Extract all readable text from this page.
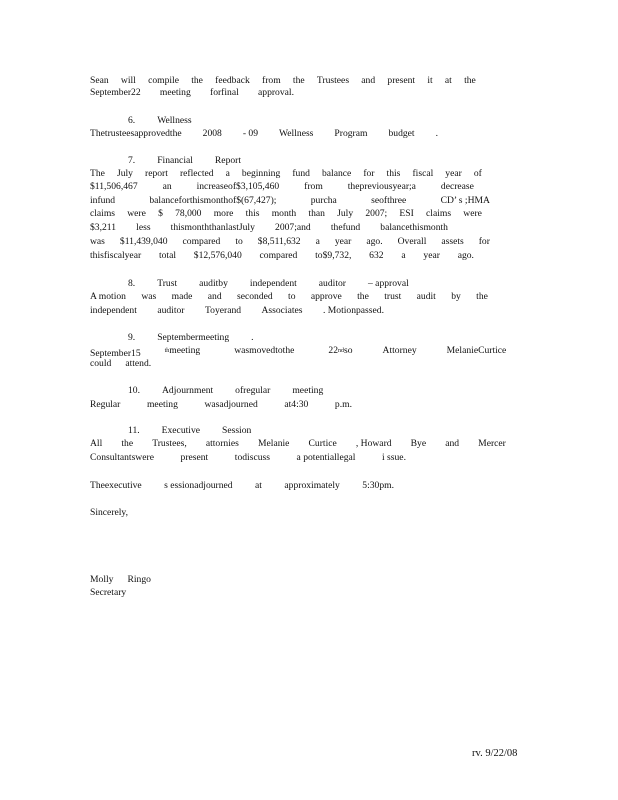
Sean will compile the feedback from the Trustees and present it at the

September22 meeting forfinal approval.

6. Wellness

Thetrusteesapprovedthe 2008 - 09 Wellness Program budget .

7. Financial Report

The July report reflected a beginning fund balance for this fiscal year of

$11,506,467	an	increaseof$3,105,460	from	thepreviousyear;a	decrease

infund	balanceforthismonthof$(67,427);	purcha	seofthree	CD’ s ;HMA

claims were $ 78,000 more this month than July 2007; ESI claims were

$3,211 less thismonththanlastJuly 2007;and thefund balancethismonth

was $11,439,040 compared to $8,511,632 a year ago. Overall assets for

thisfiscalyear total $12,576,040 compared to$9,732, 632 a year ago.

8. Trust auditby independent auditor – approval

A motion was made and seconded to approve the trust audit by the

independent auditor Toyerand Associates . Motionpassed.

9. Septembermeeting .

September15	$^{th}$ meeting	wasmovedtothe	22 nd so	Attorney	MelanieCurtice

could attend.

10. Adjournment ofregular meeting

Regular	meeting	wasadjourned	at4:30	p.m.

11. Executive Session

All the Trustees, attornies Melanie Curtice , Howard Bye and Mercer

Consultantswere	present	todiscuss	a potentiallegal	i ssue.

Theexecutive s essionadjourned at approximately 5:30pm.

Sincerely,

Molly Ringo

Secretary

rv. 9/22/08
